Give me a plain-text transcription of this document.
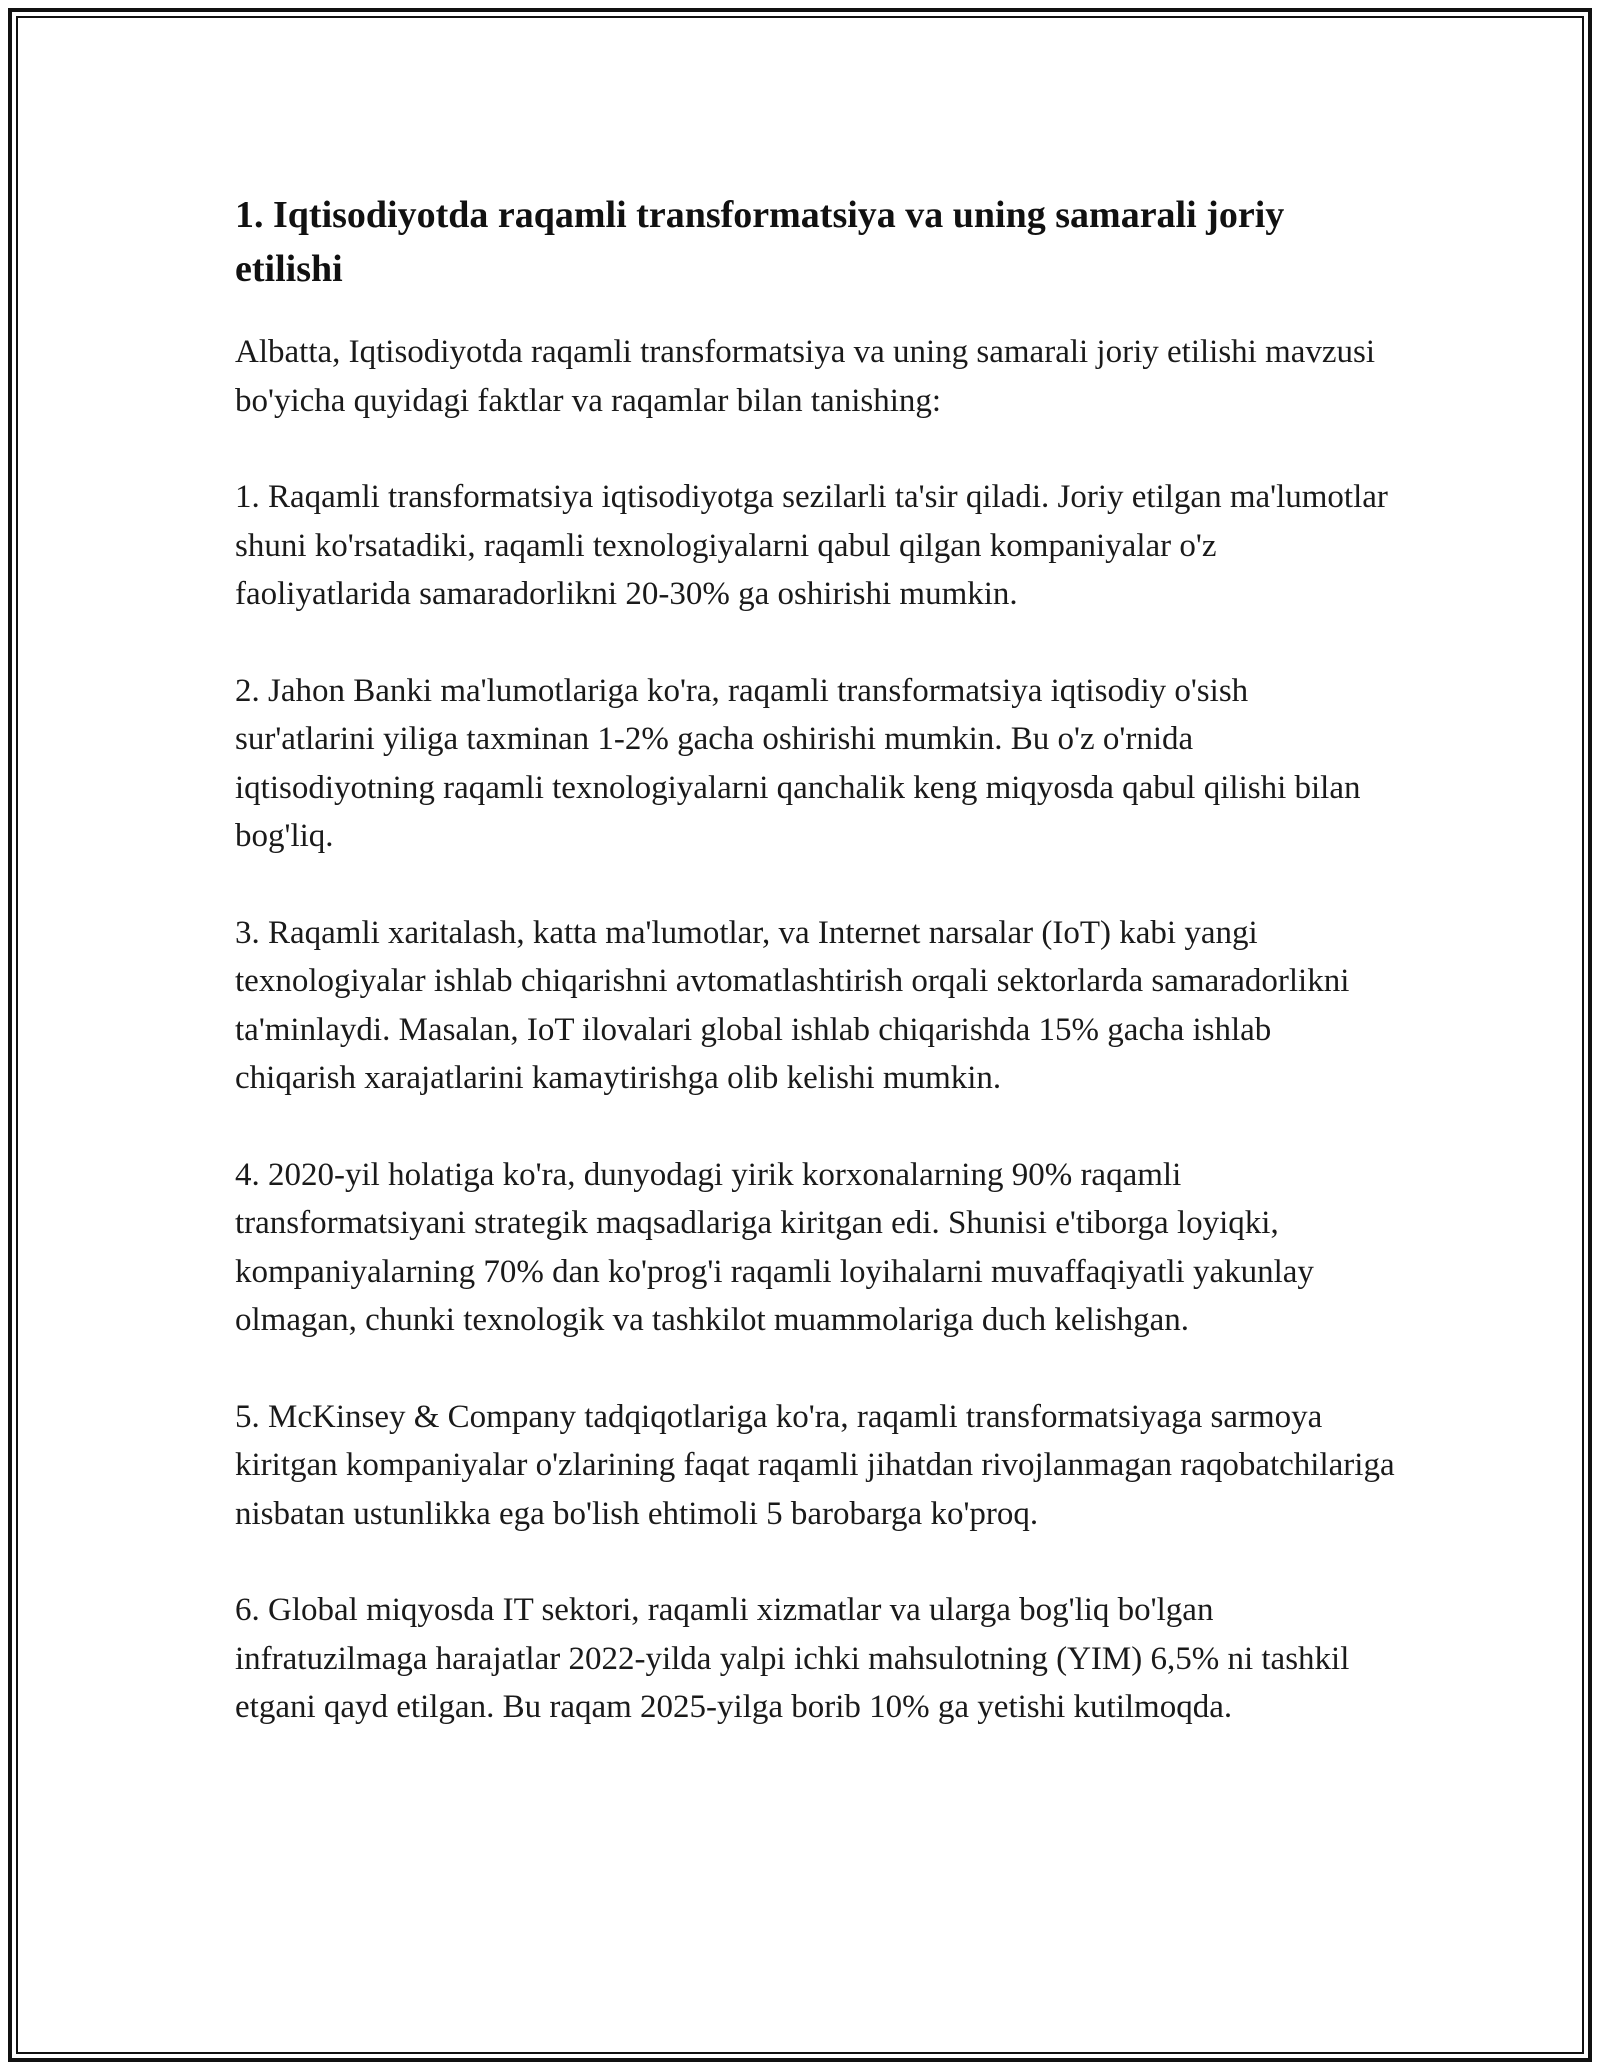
1. Iqtisodiyotda raqamli transformatsiya va uning samarali joriy etilishi

Albatta, Iqtisodiyotda raqamli transformatsiya va uning samarali joriy etilishi mavzusi bo'yicha quyidagi faktlar va raqamlar bilan tanishing:

1. Raqamli transformatsiya iqtisodiyotga sezilarli ta'sir qiladi. Joriy etilgan ma'lumotlar shuni ko'rsatadiki, raqamli texnologiyalarni qabul qilgan kompaniyalar o'z faoliyatlarida samaradorlikni 20-30% ga oshirishi mumkin.

2. Jahon Banki ma'lumotlariga ko'ra, raqamli transformatsiya iqtisodiy o'sish sur'atlarini yiliga taxminan 1-2% gacha oshirishi mumkin. Bu o'z o'rnida iqtisodiyotning raqamli texnologiyalarni qanchalik keng miqyosda qabul qilishi bilan bog'liq.

3. Raqamli xaritalash, katta ma'lumotlar, va Internet narsalar (IoT) kabi yangi texnologiyalar ishlab chiqarishni avtomatlashtirish orqali sektorlarda samaradorlikni ta'minlaydi. Masalan, IoT ilovalari global ishlab chiqarishda 15% gacha ishlab chiqarish xarajatlarini kamaytirishga olib kelishi mumkin.

4. 2020-yil holatiga ko'ra, dunyodagi yirik korxonalarning 90% raqamli transformatsiyani strategik maqsadlariga kiritgan edi. Shunisi e'tiborga loyiqki, kompaniyalarning 70% dan ko'prog'i raqamli loyihalarni muvaffaqiyatli yakunlay olmagan, chunki texnologik va tashkilot muammolariga duch kelishgan.

5. McKinsey & Company tadqiqotlariga ko'ra, raqamli transformatsiyaga sarmoya kiritgan kompaniyalar o'zlarining faqat raqamli jihatdan rivojlanmagan raqobatchilariga nisbatan ustunlikka ega bo'lish ehtimoli 5 barobarga ko'proq.

6. Global miqyosda IT sektori, raqamli xizmatlar va ularga bog'liq bo'lgan infratuzilmaga harajatlar 2022-yilda yalpi ichki mahsulotning (YIM) 6,5% ni tashkil etgani qayd etilgan. Bu raqam 2025-yilga borib 10% ga yetishi kutilmoqda.
